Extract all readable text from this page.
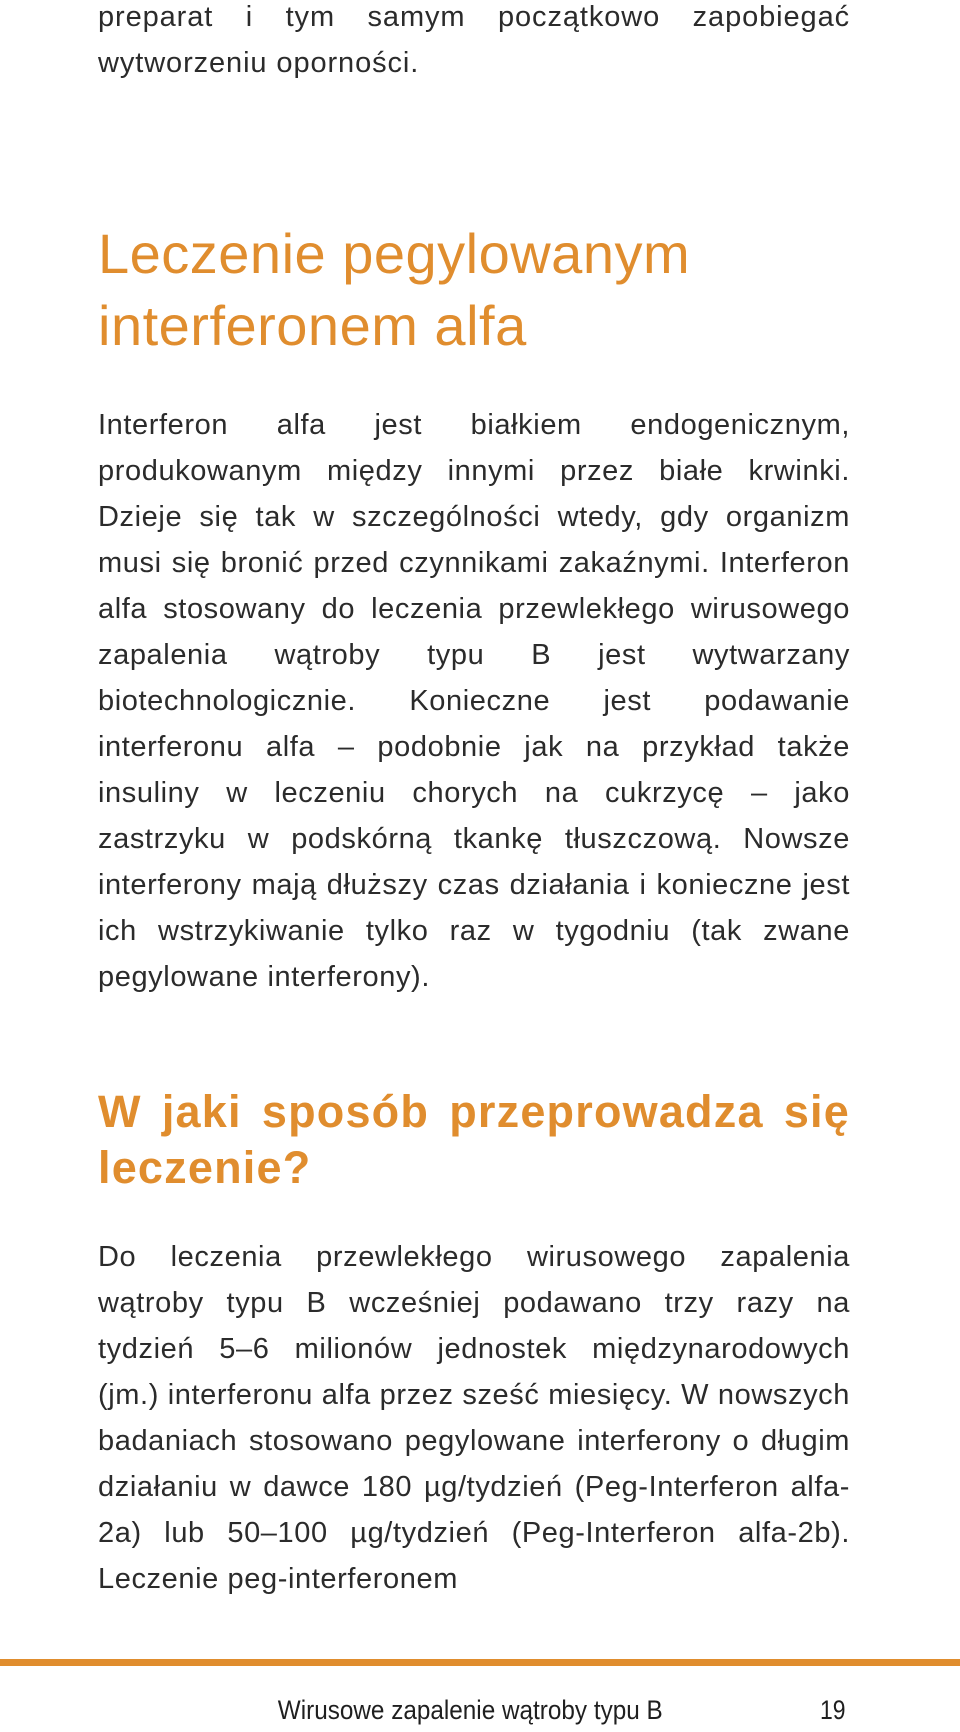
preparat i tym samym początkowo zapobiegać wytworzeniu oporności.

Leczenie pegylowanym interferonem alfa

Interferon alfa jest białkiem endogenicznym, produkowanym między innymi przez białe krwinki. Dzieje się tak w szczególności wtedy, gdy organizm musi się bronić przed czynnikami zakaźnymi. Interferon alfa stosowany do leczenia przewlekłego wirusowego zapalenia wątroby typu B jest wytwarzany biotechnologicznie. Konieczne jest podawanie interferonu alfa – podobnie jak na przykład także insuliny w leczeniu chorych na cukrzycę – jako zastrzyku w podskórną tkankę tłuszczową. Nowsze interferony mają dłuższy czas działania i konieczne jest ich wstrzykiwanie tylko raz w tygodniu (tak zwane pegylowane interferony).

W jaki sposób przeprowadza się leczenie?

Do leczenia przewlekłego wirusowego zapalenia wątroby typu B wcześniej podawano trzy razy na tydzień 5–6 milionów jednostek międzynarodowych (jm.) interferonu alfa przez sześć miesięcy. W nowszych badaniach stosowano pegylowane interferony o długim działaniu w dawce 180 µg/tydzień (Peg-Interferon alfa-2a) lub 50–100 µg/tydzień (Peg-Interferon alfa-2b). Leczenie peg-interferonem

Wirusowe zapalenie wątroby typu B	19
